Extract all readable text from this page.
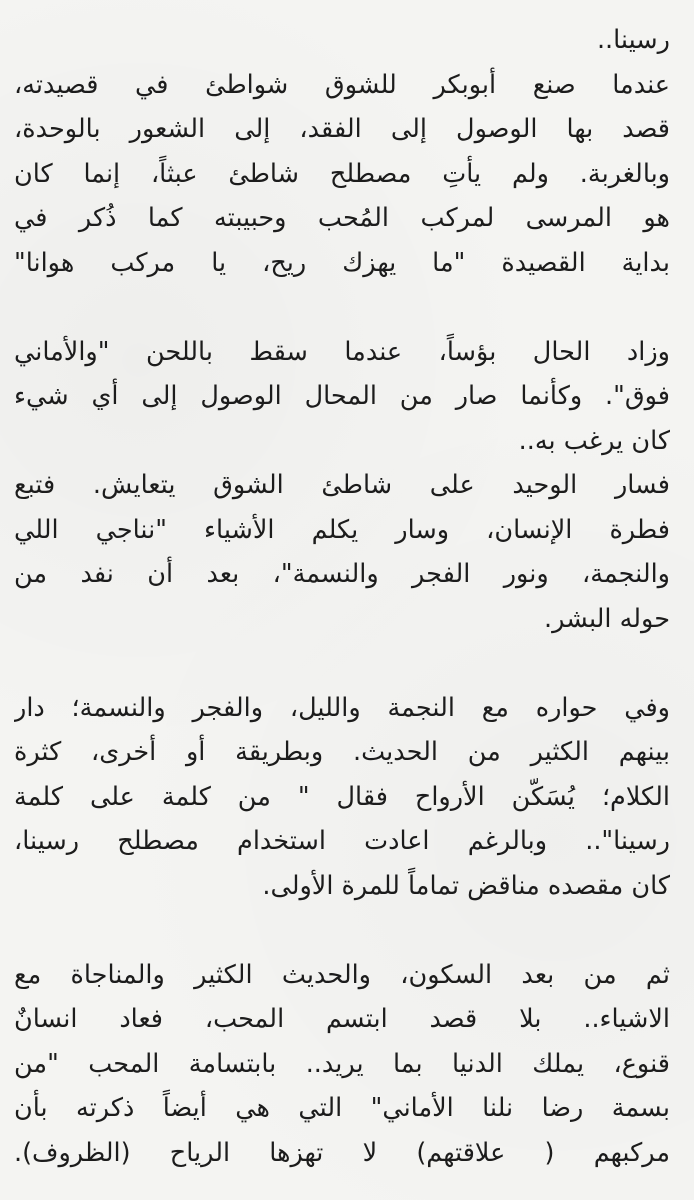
رسينا..
عندما صنع أبوبكر للشوق شواطئ في قصيدته،
قصد بها الوصول إلى الفقد، إلى الشعور بالوحدة،
وبالغربة. ولم يأتِ مصطلح شاطئ عبثاً، إنما كان
هو المرسى لمركب المُحب وحبيبته كما ذُكر في
بداية القصيدة "ما يهزك ريح، يا مركب هوانا"
وزاد الحال بؤساً، عندما سقط باللحن "والأماني
فوق". وكأنما صار من المحال الوصول إلى أي شيء
كان يرغب به..
فسار الوحيد على شاطئ الشوق يتعايش. فتبع
فطرة الإنسان، وسار يكلم الأشياء "نناجي اللي
والنجمة، ونور الفجر والنسمة"، بعد أن نفد من
حوله البشر.
وفي حواره مع النجمة والليل، والفجر والنسمة؛ دار
بينهم الكثير من الحديث. وبطريقة أو أخرى، كثرة
الكلام؛ يُسَكّن الأرواح فقال " من كلمة على كلمة
رسينا".. وبالرغم اعادت استخدام مصطلح رسينا،
كان مقصده مناقض تماماً للمرة الأولى.
ثم من بعد السكون، والحديث الكثير والمناجاة مع
الاشياء.. بلا قصد ابتسم المحب، فعاد انسانٌ
قنوع، يملك الدنيا بما يريد.. بابتسامة المحب "من
بسمة رضا نلنا الأماني" التي هي أيضاً ذكرته بأن
مركبهم ( علاقتهم) لا تهزها الرياح (الظروف).
